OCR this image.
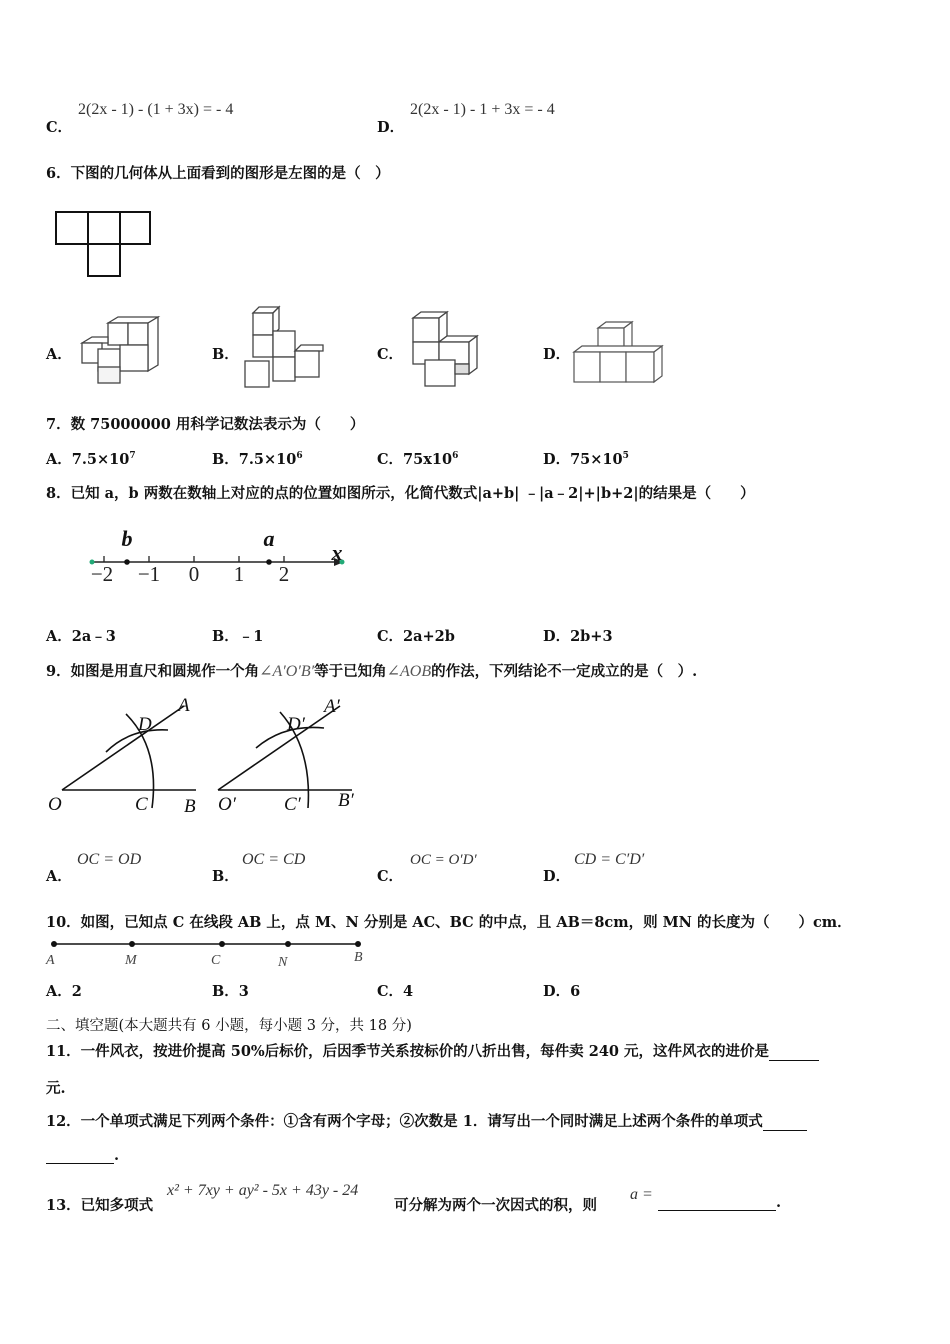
C．
2(2x - 1) - (1 + 3x) = - 4
D．
2(2x - 1) - 1 + 3x = - 4
6．下图的几何体从上面看到的图形是左图的是（　）
A．	B．	C．	D．
7．数 75000000 用科学记数法表示为（　　）
A．$7.5\times 10^7$	B．$7.5\times 10^6$	C．$75x10^6$	D．$75\times 10^5$
8．已知 a，b 两数在数轴上对应的点的位置如图所示，化简代数式|a+b| ﹣|a﹣2|+|b+2|的结果是（　　）
−2 −1 0 1 2
b	a
x
A．2a﹣3	B．﹣1	C．2a+2b	D．2b+3
9．如图是用直尺和圆规作一个角∠A′O′B′等于已知角∠AOB的作法，下列结论不一定成立的是（　）.
O
D
A
C B O′
D′
A′
C′ B′
A．
OC = OD
B．
OC = CD
C．
OC = O′D′
D．
CD = C′D′
10．如图，已知点 C 在线段 AB 上，点 M、N 分别是 AC、BC 的中点，且 AB＝8cm，则 MN 的长度为（　　）cm．
A	M	C	N	B
A．2	B．3	C．4	D．6
二、填空题(本大题共有 6 小题，每小题 3 分，共 18 分)
11．一件风衣，按进价提高 50%后标价，后因季节关系按标价的八折出售，每件卖 240 元，这件风衣的进价是
元.
12．一个单项式满足下列两个条件：①含有两个字母；②次数是 1．请写出一个同时满足上述两个条件的单项式
.
13．已知多项式
x² + 7xy + ay² - 5x + 43y - 24
可分解为两个一次因式的积，则
a =	.
